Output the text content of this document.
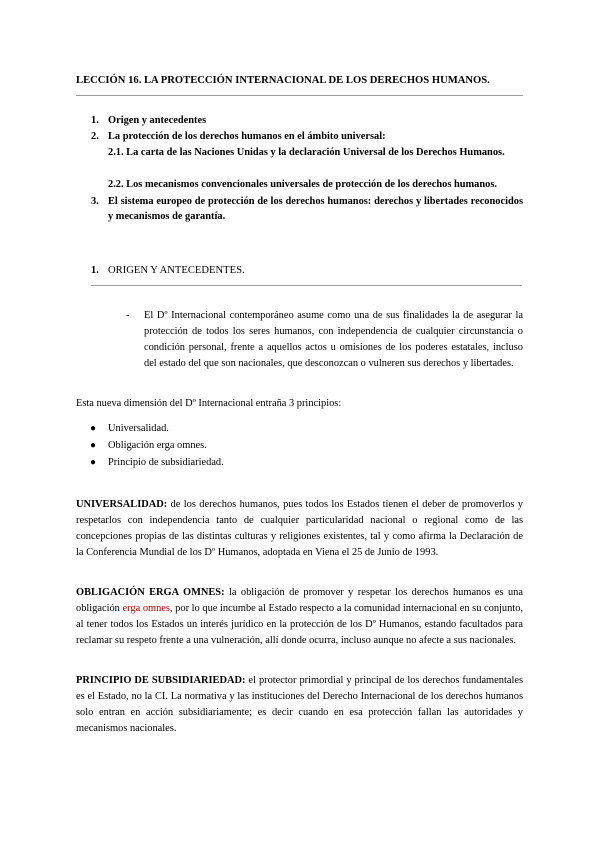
LECCIÓN 16. LA PROTECCIÓN INTERNACIONAL DE LOS DERECHOS HUMANOS.
1. Origen y antecedentes
2. La protección de los derechos humanos en el ámbito universal:
2.1. La carta de las Naciones Unidas y la declaración Universal de los Derechos Humanos.
2.2. Los mecanismos convencionales universales de protección de los derechos humanos.
3. El sistema europeo de protección de los derechos humanos: derechos y libertades reconocidos y mecanismos de garantía.
1. ORIGEN Y ANTECEDENTES.
- El Dº Internacional contemporáneo asume como una de sus finalidades la de asegurar la protección de todos los seres humanos, con independencia de cualquier circunstancia o condición personal, frente a aquellos actos u omisiones de los poderes estatales, incluso del estado del que son nacionales, que desconozcan o vulneren sus derechos y libertades.
Esta nueva dimensión del Dº Internacional entraña 3 principios:
● Universalidad.
● Obligación erga omnes.
● Principio de subsidiariedad.
UNIVERSALIDAD: de los derechos humanos, pues todos los Estados tienen el deber de promoverlos y respetarlos con independencia tanto de cualquier particularidad nacional o regional como de las concepciones propias de las distintas culturas y religiones existentes, tal y como afirma la Declaración de la Conferencia Mundial de los Dº Humanos, adoptada en Viena el 25 de Junio de 1993.
OBLIGACIÓN ERGA OMNES: la obligación de promover y respetar los derechos humanos es una obligación erga omnes, por lo que incumbe al Estado respecto a la comunidad internacional en su conjunto, al tener todos los Estados un interés jurídico en la protección de los Dº Humanos, estando facultados para reclamar su respeto frente a una vulneración, allí donde ocurra, incluso aunque no afecte a sus nacionales.
PRINCIPIO DE SUBSIDIARIEDAD: el protector primordial y principal de los derechos fundamentales es el Estado, no la CI. La normativa y las instituciones del Derecho Internacional de los derechos humanos solo entran en acción subsidiariamente; es decir cuando en esa protección fallan las autoridades y mecanismos nacionales.
